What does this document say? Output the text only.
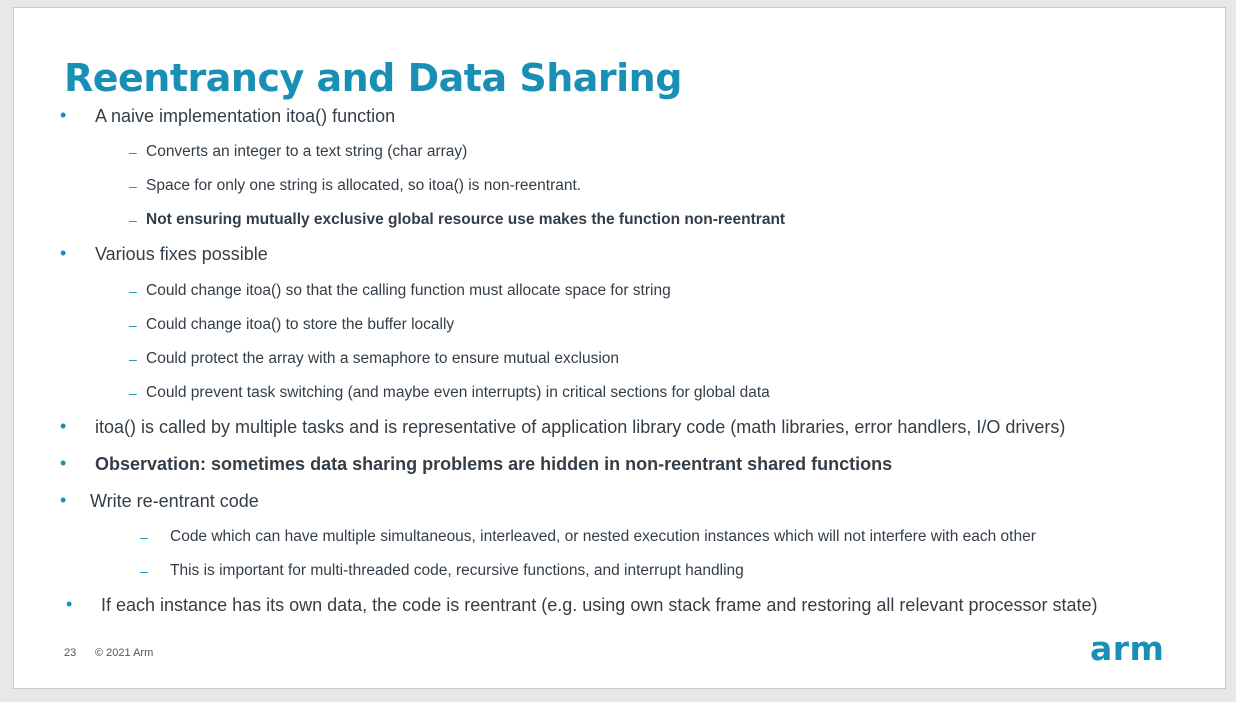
Reentrancy and Data Sharing
• A naive implementation itoa() function
– Converts an integer to a text string (char array)
– Space for only one string is allocated, so itoa() is non-reentrant.
– Not ensuring mutually exclusive global resource use makes the function non-reentrant
• Various fixes possible
– Could change itoa() so that the calling function must allocate space for string
– Could change itoa() to store the buffer locally
– Could protect the array with a semaphore to ensure mutual exclusion
– Could prevent task switching (and maybe even interrupts) in critical sections for global data
• itoa() is called by multiple tasks and is representative of application library code (math libraries, error handlers, I/O drivers)
• Observation: sometimes data sharing problems are hidden in non-reentrant shared functions
• Write re-entrant code
– Code which can have multiple simultaneous, interleaved, or nested execution instances which will not interfere with each other
– This is important for multi-threaded code, recursive functions, and interrupt handling
• If each instance has its own data, the code is reentrant (e.g. using own stack frame and restoring all relevant processor state)
23 © 2021 Arm	arm
